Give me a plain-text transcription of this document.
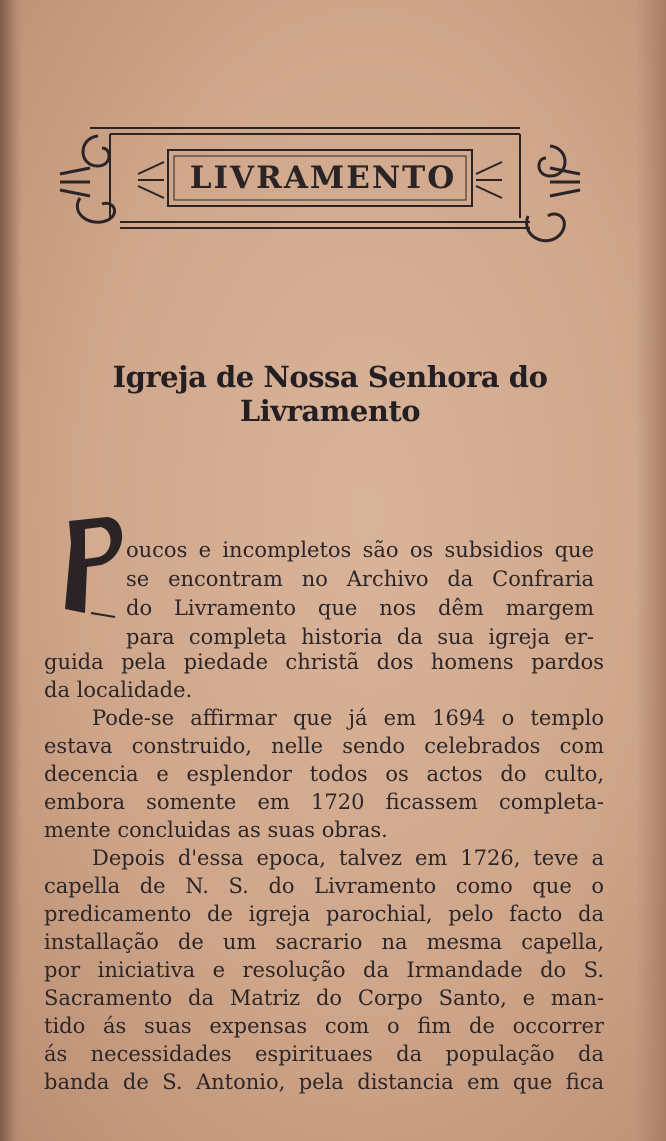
LIVRAMENTO
Igreja de Nossa Senhora do Livramento
oucos e incompletos são os subsidios que
se encontram no Archivo da Confraria
do Livramento que nos dêm margem
para completa historia da sua igreja er-
guida pela piedade christã dos homens pardos
da localidade.
Pode-se affirmar que já em 1694 o templo
estava construido, nelle sendo celebrados com
decencia e esplendor todos os actos do culto,
embora somente em 1720 ficassem completa-
mente concluidas as suas obras.
Depois d'essa epoca, talvez em 1726, teve a
capella de N. S. do Livramento como que o
predicamento de igreja parochial, pelo facto da
installação de um sacrario na mesma capella,
por iniciativa e resolução da Irmandade do S.
Sacramento da Matriz do Corpo Santo, e man-
tido ás suas expensas com o fim de occorrer
ás necessidades espirituaes da população da
banda de S. Antonio, pela distancia em que fica
